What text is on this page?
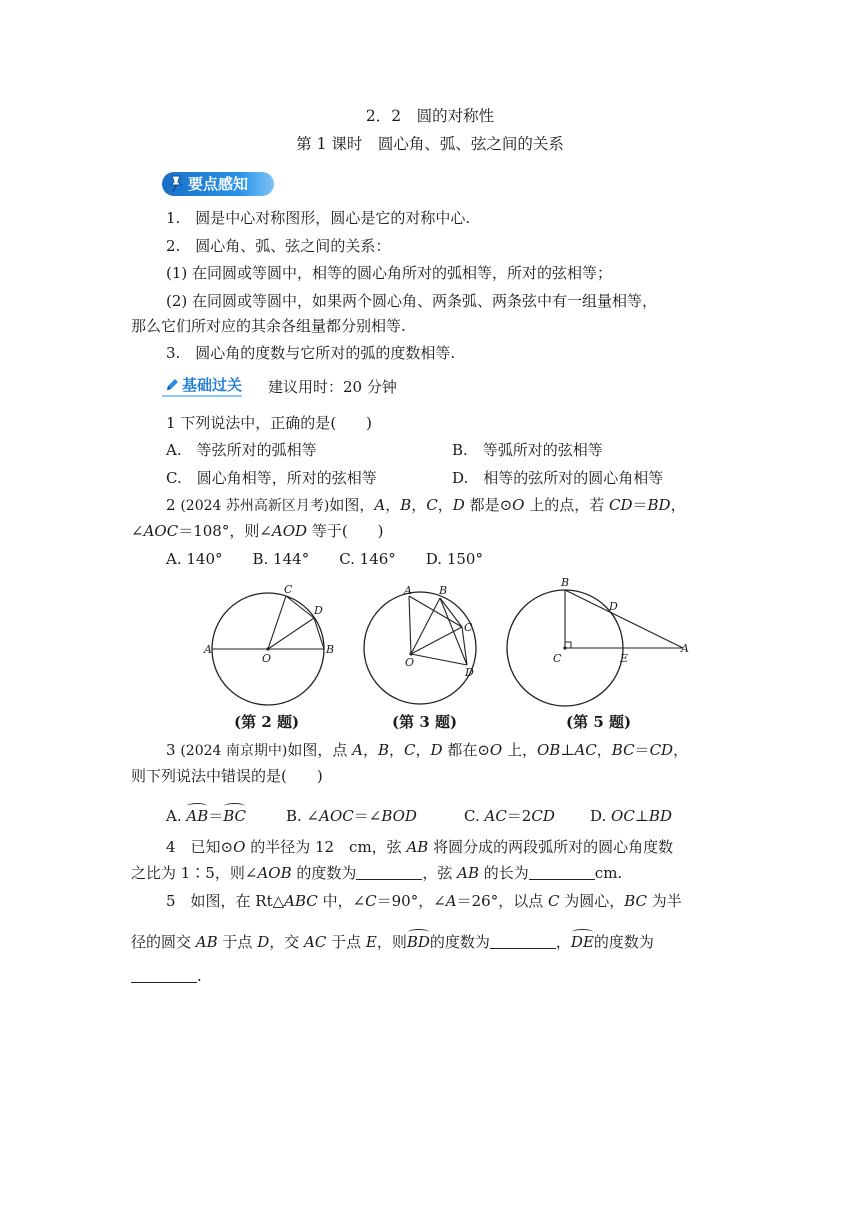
2．2　圆的对称性
第 1 课时　圆心角、弧、弦之间的关系
要点感知
1.　圆是中心对称图形，圆心是它的对称中心.
2.　圆心角、弧、弦之间的关系：
(1) 在同圆或等圆中，相等的圆心角所对的弧相等，所对的弦相等；
(2) 在同圆或等圆中，如果两个圆心角、两条弧、两条弦中有一组量相等，
那么它们所对应的其余各组量都分别相等.
3.　圆心角的度数与它所对的弧的度数相等.
基础过关 建议用时：20 分钟
1 下列说法中，正确的是(　　)
A.　等弦所对的弧相等	B.　等弧所对的弦相等
C.　圆心角相等，所对的弦相等	D.　相等的弦所对的圆心角相等
2 (2024 苏州高新区月考)如图，A，B，C，D 都是⊙O 上的点，若 CD＝BD，
∠AOC＝108°，则∠AOD 等于(　　)
A. 140°　　B. 144°　　C. 146°　　D. 150°
A	B
C
D
O
(第 2 题)
A B
C
D
O
(第 3 题)
B
D
C	E
A
(第 5 题)
3 (2024 南京期中)如图，点 A，B，C，D 都在⊙O 上，OB⊥AC，BC＝CD，
则下列说法中错误的是(　　)
A. AB＝BC	B. ∠AOC＝∠BOD	C. AC＝2CD D. OC⊥BD
4　已知⊙O 的半径为 12　cm，弦 AB 将圆分成的两段弧所对的圆心角度数
之比为 1∶5，则∠AOB 的度数为	，弦 AB 的长为	cm.
5　如图，在 Rt△ABC 中，∠C＝90°，∠A＝26°，以点 C 为圆心，BC 为半
径的圆交 AB 于点 D，交 AC 于点 E，则BD的度数为	，DE的度数为
.
